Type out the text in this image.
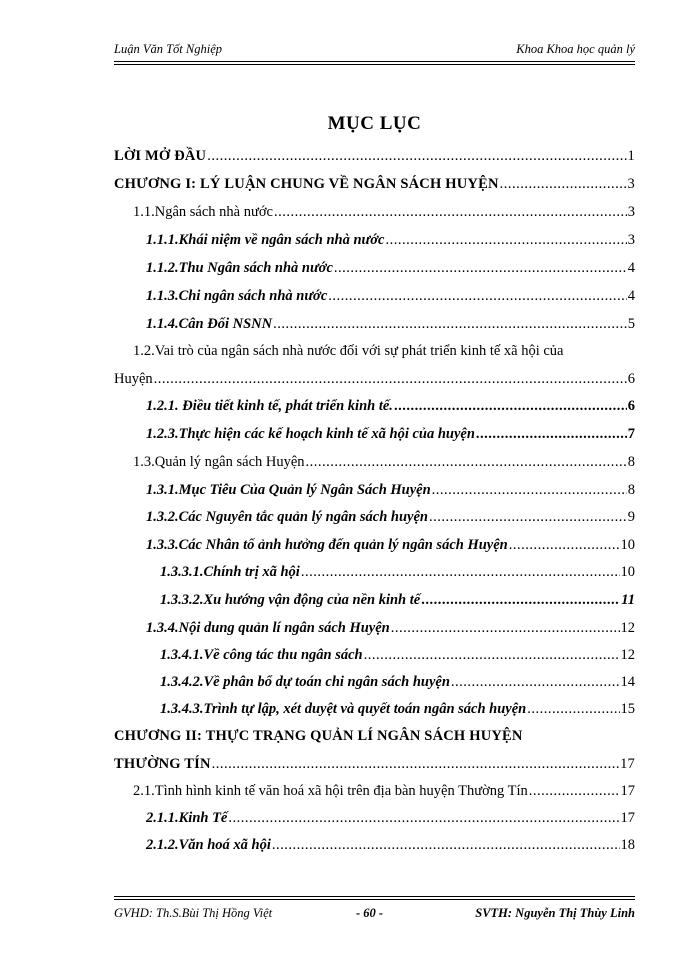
Luận Văn Tốt Nghiệp	Khoa Khoa học quản lý
MỤC LỤC
LỜI MỞ ĐẦU .....	1
CHƯƠNG I: LÝ LUẬN CHUNG VỀ NGÂN SÁCH HUYỆN .....	3
1.1.Ngân sách nhà nước .....	3
1.1.1.Khái niệm về ngân sách nhà nước .....	3
1.1.2.Thu Ngân sách nhà nước .....	4
1.1.3.Chi ngân sách nhà nước .....	4
1.1.4.Cân Đối NSNN .....	5
1.2.Vai trò của ngân sách nhà nước đối với sự phát triển kinh tế xã hội của
Huyện .....	6
1.2.1. Điều tiết kinh tế, phát triển kinh tế. .....	6
1.2.3.Thực hiện các kế hoạch kinh tế xã hội của huyện .....	7
1.3.Quản lý ngân sách Huyện .....	8
1.3.1.Mục Tiêu Của Quản lý Ngân Sách Huyện .....	8
1.3.2.Các Nguyên tắc quản lý ngân sách huyện .....	9
1.3.3.Các Nhân tố ảnh hưởng đến quản lý ngân sách Huyện .....	10
1.3.3.1.Chính trị xã hội .....	10
1.3.3.2.Xu hướng vận động của nền kinh tế .....	11
1.3.4.Nội dung quản lí ngân sách Huyện .....	12
1.3.4.1.Về công tác thu ngân sách .....	12
1.3.4.2.Về phân bổ dự toán chi ngân sách huyện .....	14
1.3.4.3.Trình tự lập, xét duyệt và quyết toán ngân sách huyện .....	15
CHƯƠNG II: THỰC TRẠNG QUẢN LÍ NGÂN SÁCH HUYỆN
THƯỜNG TÍN .....	17
2.1.Tình hình kinh tế văn hoá xã hội trên địa bàn huyện Thường Tín .....	17
2.1.1.Kinh Tế .....	17
2.1.2.Văn hoá xã hội .....	18
GVHD: Th.S.Bùi Thị Hồng Việt	- 60 -	SVTH: Nguyễn Thị Thùy Linh
